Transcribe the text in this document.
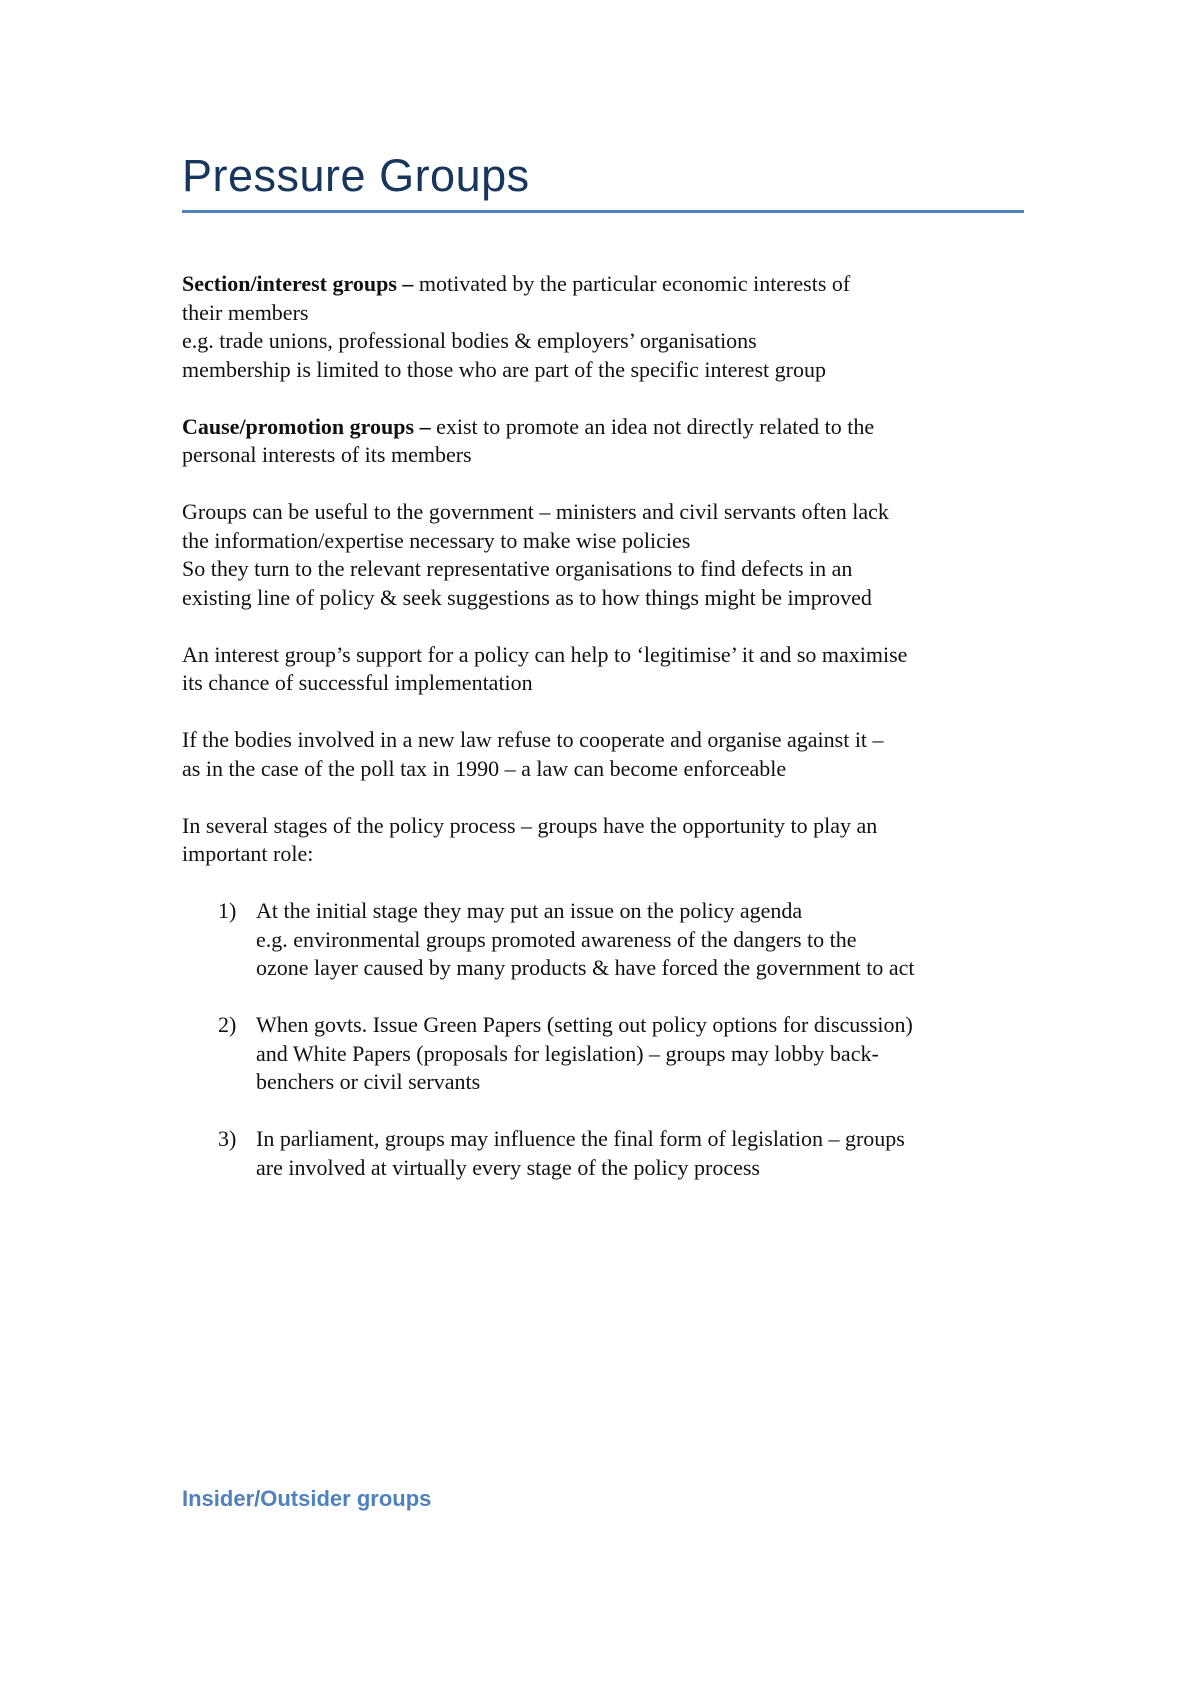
Pressure Groups
Section/interest groups – motivated by the particular economic interests of
their members
e.g. trade unions, professional bodies & employers’ organisations
membership is limited to those who are part of the specific interest group
Cause/promotion groups – exist to promote an idea not directly related to the
personal interests of its members
Groups can be useful to the government – ministers and civil servants often lack
the information/expertise necessary to make wise policies
So they turn to the relevant representative organisations to find defects in an
existing line of policy & seek suggestions as to how things might be improved
An interest group’s support for a policy can help to ‘legitimise’ it and so maximise
its chance of successful implementation
If the bodies involved in a new law refuse to cooperate and organise against it –
as in the case of the poll tax in 1990 – a law can become enforceable
In several stages of the policy process – groups have the opportunity to play an
important role:
1) At the initial stage they may put an issue on the policy agenda
e.g. environmental groups promoted awareness of the dangers to the
ozone layer caused by many products & have forced the government to act
2) When govts. Issue Green Papers (setting out policy options for discussion)
and White Papers (proposals for legislation) – groups may lobby back-
benchers or civil servants
3) In parliament, groups may influence the final form of legislation – groups
are involved at virtually every stage of the policy process
Insider/Outsider groups
